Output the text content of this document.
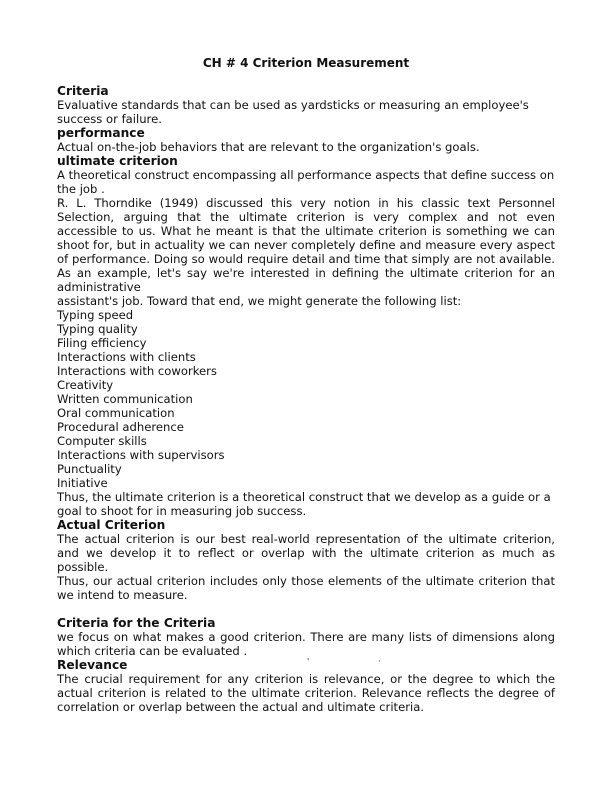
CH # 4 Criterion Measurement
Criteria
Evaluative standards that can be used as yardsticks or measuring an employee's success or failure.
performance
Actual on-the-job behaviors that are relevant to the organization's goals.
ultimate criterion
A theoretical construct encompassing all performance aspects that define success on the job .
R. L. Thorndike (1949) discussed this very notion in his classic text Personnel Selection, arguing that the ultimate criterion is very complex and not even accessible to us. What he meant is that the ultimate criterion is something we can shoot for, but in actuality we can never completely define and measure every aspect of performance. Doing so would require detail and time that simply are not available. As an example, let's say we're interested in defining the ultimate criterion for an administrative
assistant's job. Toward that end, we might generate the following list:
Typing speed
Typing quality
Filing efficiency
Interactions with clients
Interactions with coworkers
Creativity
Written communication
Oral communication
Procedural adherence
Computer skills
Interactions with supervisors
Punctuality
Initiative
Thus, the ultimate criterion is a theoretical construct that we develop as a guide or a
goal to shoot for in measuring job success.
Actual Criterion
The actual criterion is our best real-world representation of the ultimate criterion, and we develop it to reflect or overlap with the ultimate criterion as much as possible.
Thus, our actual criterion includes only those elements of the ultimate criterion that we intend to measure.
Criteria for the Criteria
we focus on what makes a good criterion. There are many lists of dimensions along which criteria can be evaluated .
Relevance	'	·
The crucial requirement for any criterion is relevance, or the degree to which the actual criterion is related to the ultimate criterion. Relevance reflects the degree of correlation or overlap between the actual and ultimate criteria.
